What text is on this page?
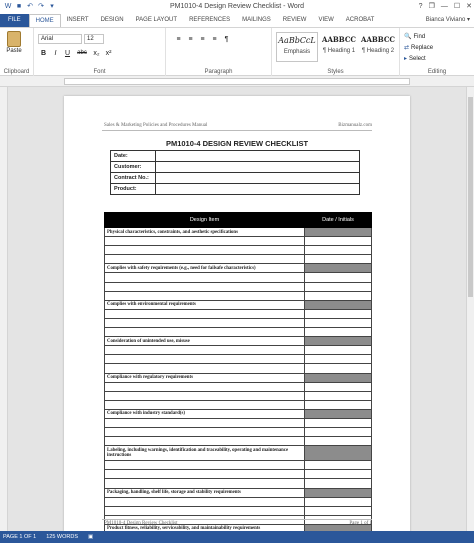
W ■ ↶ ↷ ▾	PM1010-4 Design Review Checklist - Word	? ❐ — ☐ ✕
FILE	HOME	INSERT	DESIGN	PAGE LAYOUT	REFERENCES	MAILINGS	REVIEW	VIEW	ACROBAT	Bianca Viviano ▾
Paste
Clipboard
Arial	12
B	I	U	abc x₂ x²
Font
≡	≡	≡	≡	¶
Paragraph
AaBbCcL
Emphasis
AABBCC
¶ Heading 1
AABBCC
¶ Heading 2
Styles	Editing
🔍 Find
⇄ Replace
▸ Select
Sales & Marketing Policies and Procedures Manual	Bizmanualz.com
PM1010-4 DESIGN REVIEW CHECKLIST
Date:	
Customer:	
Contract No.:	
Product:	
Design Item	Date / Initials
Physical characteristics, constraints, and aesthetic specifications	

Complies with safety requirements (e.g., need for failsafe characteristics)	

Complies with environmental requirements	

Consideration of unintended use, misuse	

Compliance with regulatory requirements	

Compliance with industry standard(s)	

Labeling, including warnings, identification and traceability, operating and maintenance instructions	

Packaging, handling, shelf life, storage and stability requirements	

Product fitness, reliability, serviceability, and maintainability requirements	

PM1010-4 Design Review Checklist	Page 1 of 1
PAGE 1 OF 1 125 WORDS ▣
